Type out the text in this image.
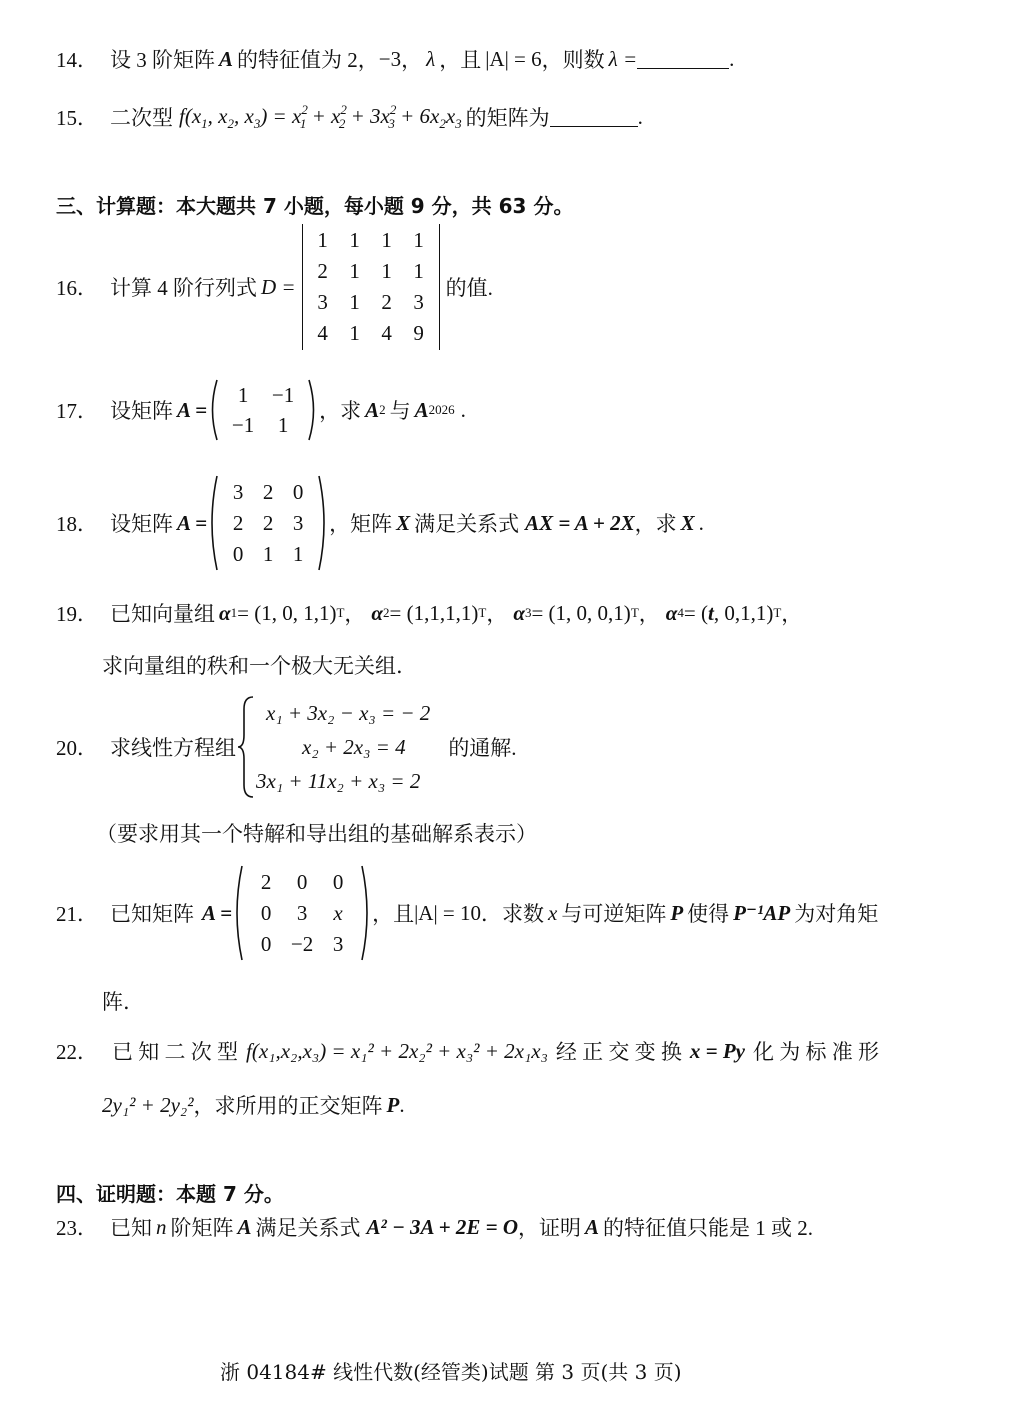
14． 设 3 阶矩阵 A 的特征值为 2， −3 ， λ ，且 |A| = 6 ，则数 λ =	.
15． 二次型 $f(x_1$, $x_2$, $x_3) = x^2_1 + x^2_2 + 3x^2_3 + 6x_2x_3$ 的矩阵为	.
三、计算题：本大题共 7 小题，每小题 9 分，共 63 分。
16． 计算 4 阶行列式 D =
1	1	1	1
2	1	1	1
3	1	2	3
4	1	4	9
的值.
17． 设矩阵 A =
1	−1
−1	1
，求 A 2 与 A 2026 .
18． 设矩阵 A =
3 2 0
2 2 3
0 1 1
，矩阵 X 满足关系式 AX = A + 2X ，求 X .
19． 已知向量组 α 1 = (1, 0, 1,1) T ， α 2 = (1,1,1,1) T ， α 3 = (1, 0, 0,1) T ， α 4 = ( t , 0,1,1) T ，
求向量组的秩和一个极大无关组.
20． 求线性方程组
x₁ + 3x₂ − x₃ = − 2
x₂ + 2x₃ = 4
3x₁ + 11x₂ + x₃ = 2
的通解.
（要求用其一个特解和导出组的基础解系表示）
21． 已知矩阵 A =
2	0	0
0	3	x
0 −2 3
，且 |A| = 10 ．求数 x 与可逆矩阵 P 使得 P⁻¹AP 为对角矩
阵.
22． 已 知 二 次 型 f(x₁,x₂,x₃) = x₁² + 2x₂² + x₃² + 2x₁x₃ 经 正 交 变 换 x = Py 化 为 标 准 形
2y₁² + 2y₂² ，求所用的正交矩阵 P .
四、证明题：本题 7 分。
23． 已知 n 阶矩阵 A 满足关系式 A² − 3A + 2E = O ，证明 A 的特征值只能是 1 或 2.
浙 04184# 线性代数(经管类)试题 第 3 页(共 3 页)
